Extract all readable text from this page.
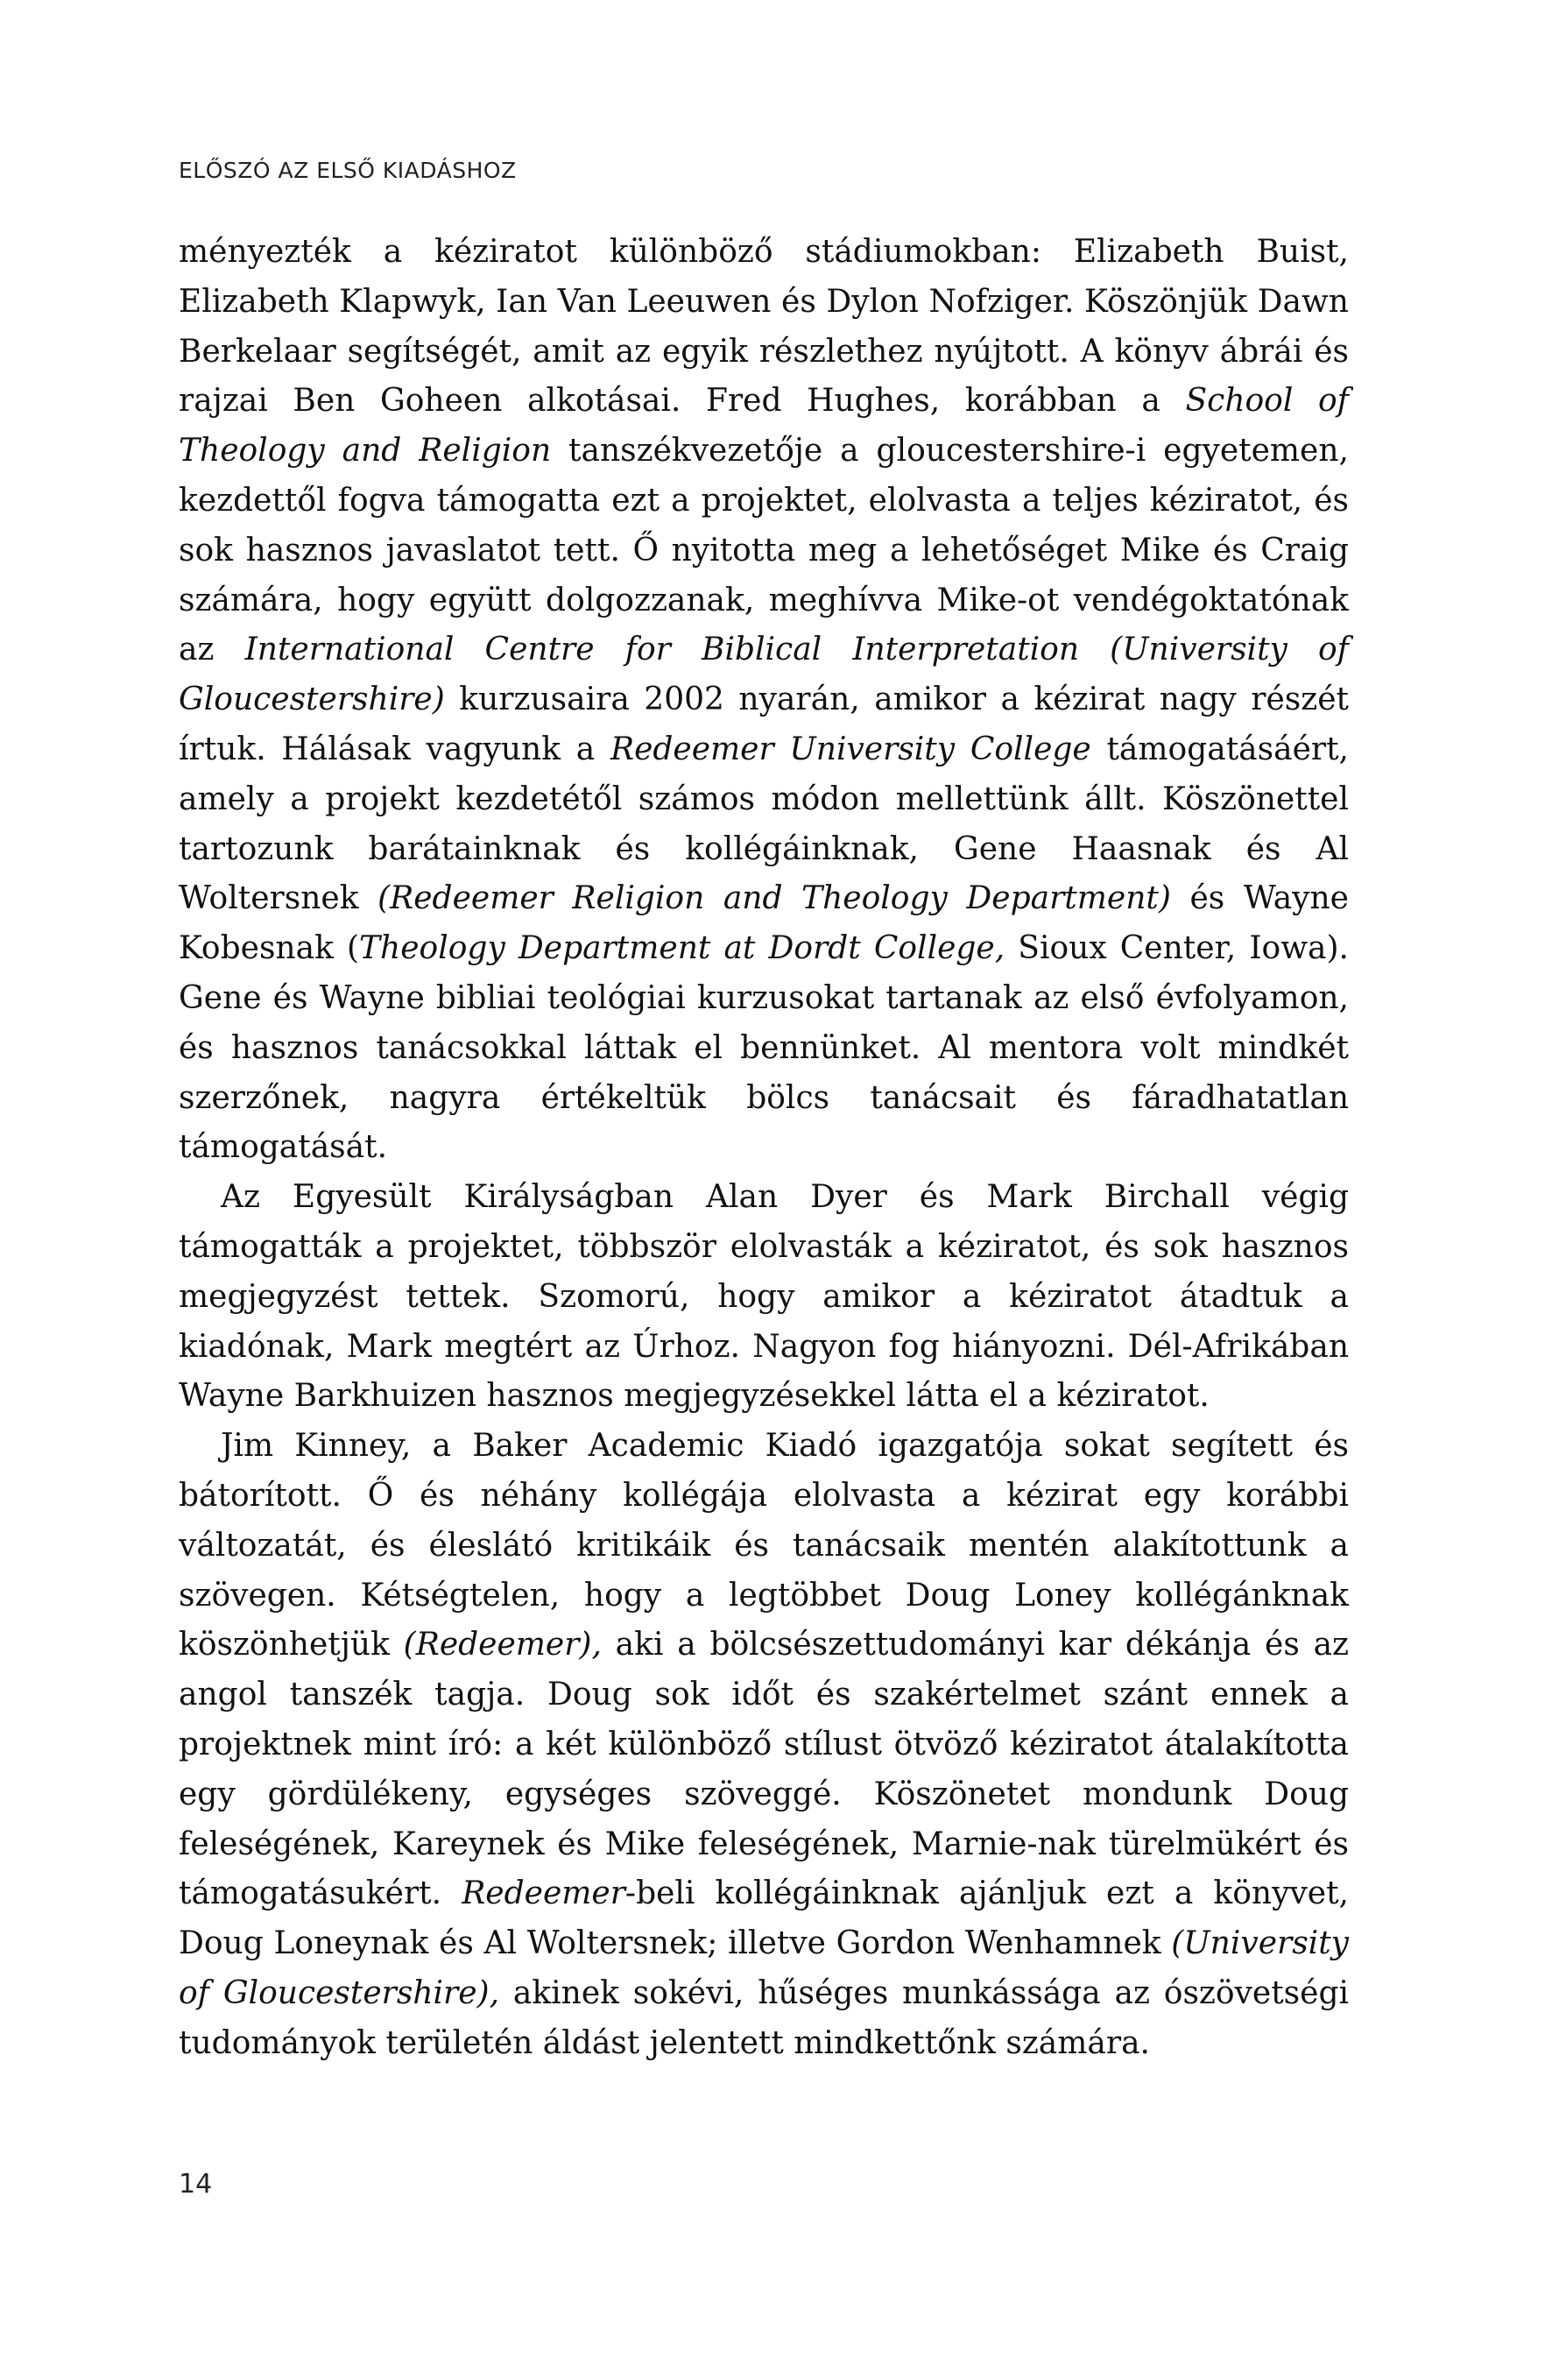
ELŐSZÓ AZ ELSŐ KIADÁSHOZ

ményezték a kéziratot különböző stádiumokban: Elizabeth Buist, Elizabeth Klapwyk, Ian Van Leeuwen és Dylon Nofziger. Köszönjük Dawn Berkelaar segítségét, amit az egyik részlethez nyújtott. A könyv ábrái és rajzai Ben Goheen alkotásai. Fred Hughes, korábban a School of Theology and Religion tanszékvezetője a gloucestershire-i egyetemen, kezdettől fogva támogatta ezt a projektet, elolvasta a teljes kéziratot, és sok hasznos javaslatot tett. Ő nyitotta meg a lehetőséget Mike és Craig számára, hogy együtt dolgozzanak, meghívva Mike-ot vendégoktatónak az International Centre for Biblical Interpretation (University of Gloucestershire) kurzusaira 2002 nyarán, amikor a kézirat nagy részét írtuk. Hálásak vagyunk a Redeemer University College támogatásáért, amely a projekt kezdetétől számos módon mellettünk állt. Köszönettel tartozunk barátainknak és kollégáinknak, Gene Haasnak és Al Woltersnek (Redeemer Religion and Theology Department) és Wayne Kobesnak (Theology Department at Dordt College, Sioux Center, Iowa). Gene és Wayne bibliai teológiai kurzusokat tartanak az első évfolyamon, és hasznos tanácsokkal láttak el bennünket. Al mentora volt mindkét szerzőnek, nagyra értékeltük bölcs tanácsait és fáradhatatlan támogatását.

Az Egyesült Királyságban Alan Dyer és Mark Birchall végig támogatták a projektet, többször elolvasták a kéziratot, és sok hasznos megjegyzést tettek. Szomorú, hogy amikor a kéziratot átadtuk a kiadónak, Mark megtért az Úrhoz. Nagyon fog hiányozni. Dél-Afrikában Wayne Barkhuizen hasznos megjegyzésekkel látta el a kéziratot.

Jim Kinney, a Baker Academic Kiadó igazgatója sokat segített és bátorított. Ő és néhány kollégája elolvasta a kézirat egy korábbi változatát, és éleslátó kritikáik és tanácsaik mentén alakítottunk a szövegen. Kétségtelen, hogy a legtöbbet Doug Loney kollégánknak köszönhetjük (Redeemer), aki a bölcsészettudományi kar dékánja és az angol tanszék tagja. Doug sok időt és szakértelmet szánt ennek a projektnek mint író: a két különböző stílust ötvöző kéziratot átalakította egy gördülékeny, egységes szöveggé. Köszönetet mondunk Doug feleségének, Kareynek és Mike feleségének, Marnie-nak türelmükért és támogatásukért. Redeemer-beli kollégáinknak ajánljuk ezt a könyvet, Doug Loneynak és Al Woltersnek; illetve Gordon Wenhamnek (University of Gloucestershire), akinek sokévi, hűséges munkássága az ószövetségi tudományok területén áldást jelentett mindkettőnk számára.

14
